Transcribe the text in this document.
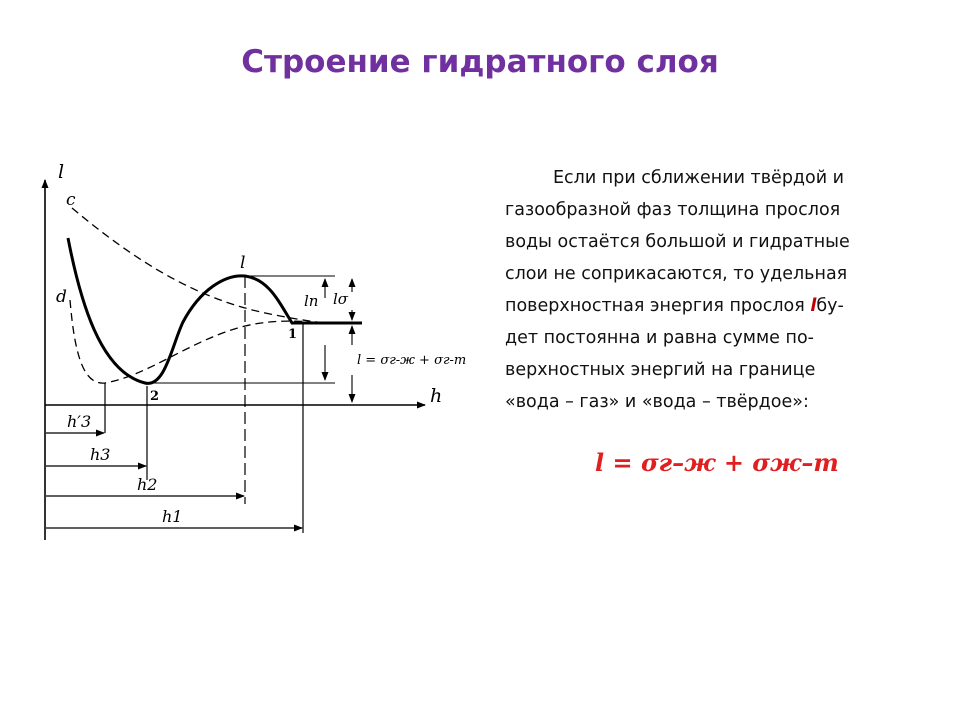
Строение гидратного слоя
l
h
c
d
l
1
2
h′3
h3
h2
h1
lп lσ
l = σг-ж + σг-т
Если при сближении твёрдой и
газообразной фаз толщина прослоя
воды остаётся большой и гидратные
слои не соприкасаются, то удельная
поверхностная энергия прослоя lбу-
дет постоянна и равна сумме по-
верхностных энергий на границе
«вода – газ» и «вода – твёрдое»:
l = σг–ж + σж–т
